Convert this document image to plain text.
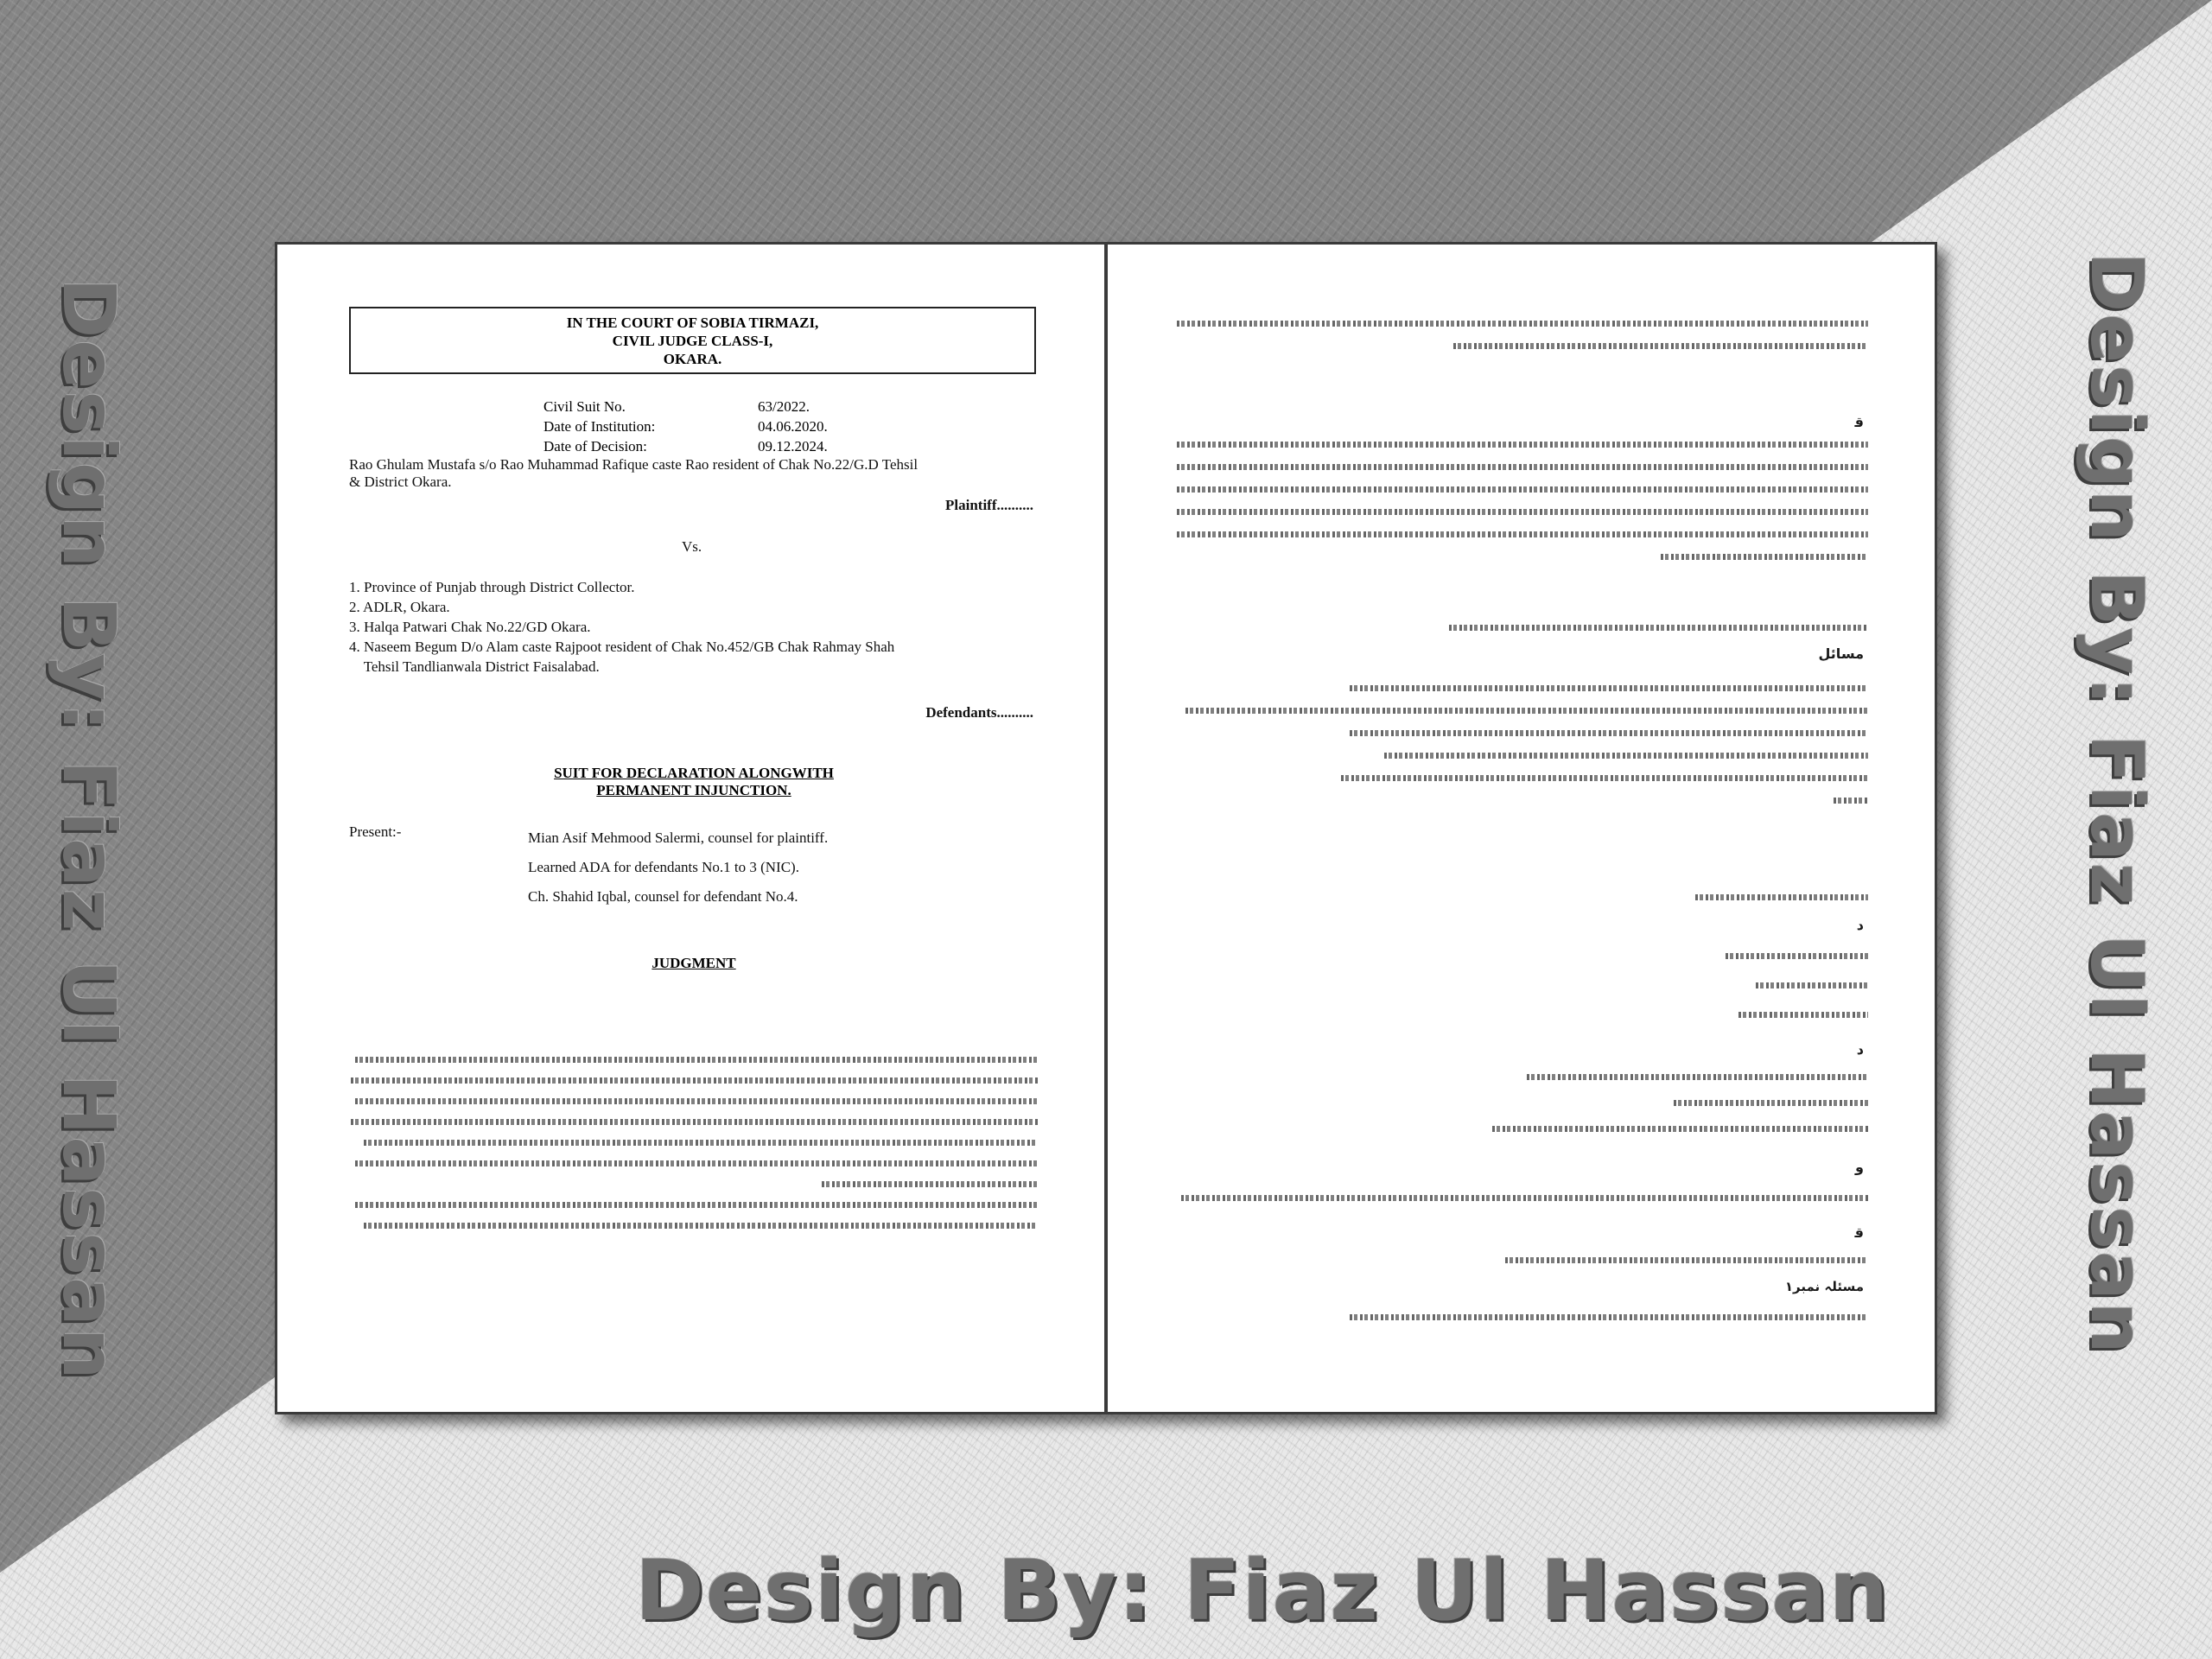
Design By: Fiaz Ul Hassan	Design By: Fiaz Ul Hassan
Design By: Fiaz Ul Hassan
IN THE COURT OF SOBIA TIRMAZI,
CIVIL JUDGE CLASS-I,
OKARA.
Civil Suit No.	63/2022.
Date of Institution:	04.06.2020.
Date of Decision:	09.12.2024.
Rao Ghulam Mustafa s/o Rao Muhammad Rafique caste Rao resident of Chak No.22/G.D Tehsil
& District Okara.
Plaintiff..........
Vs.
1. Province of Punjab through District Collector.
2. ADLR, Okara.
3. Halqa Patwari Chak No.22/GD Okara.
4. Naseem Begum D/o Alam caste Rajpoot resident of Chak No.452/GB Chak Rahmay Shah
Tehsil Tandlianwala District Faisalabad.
Defendants..........
SUIT FOR DECLARATION ALONGWITH
PERMANENT INJUNCTION.
Present:-	Mian Asif Mehmood Salermi, counsel for plaintiff.
Learned ADA for defendants No.1 to 3 (NIC).
Ch. Shahid Iqbal, counsel for defendant No.4.
JUDGMENT
ﻗ
مسائل
ﺩ
ﺩ
ﻭ
ﻗ
مسئلہ نمبر۱
